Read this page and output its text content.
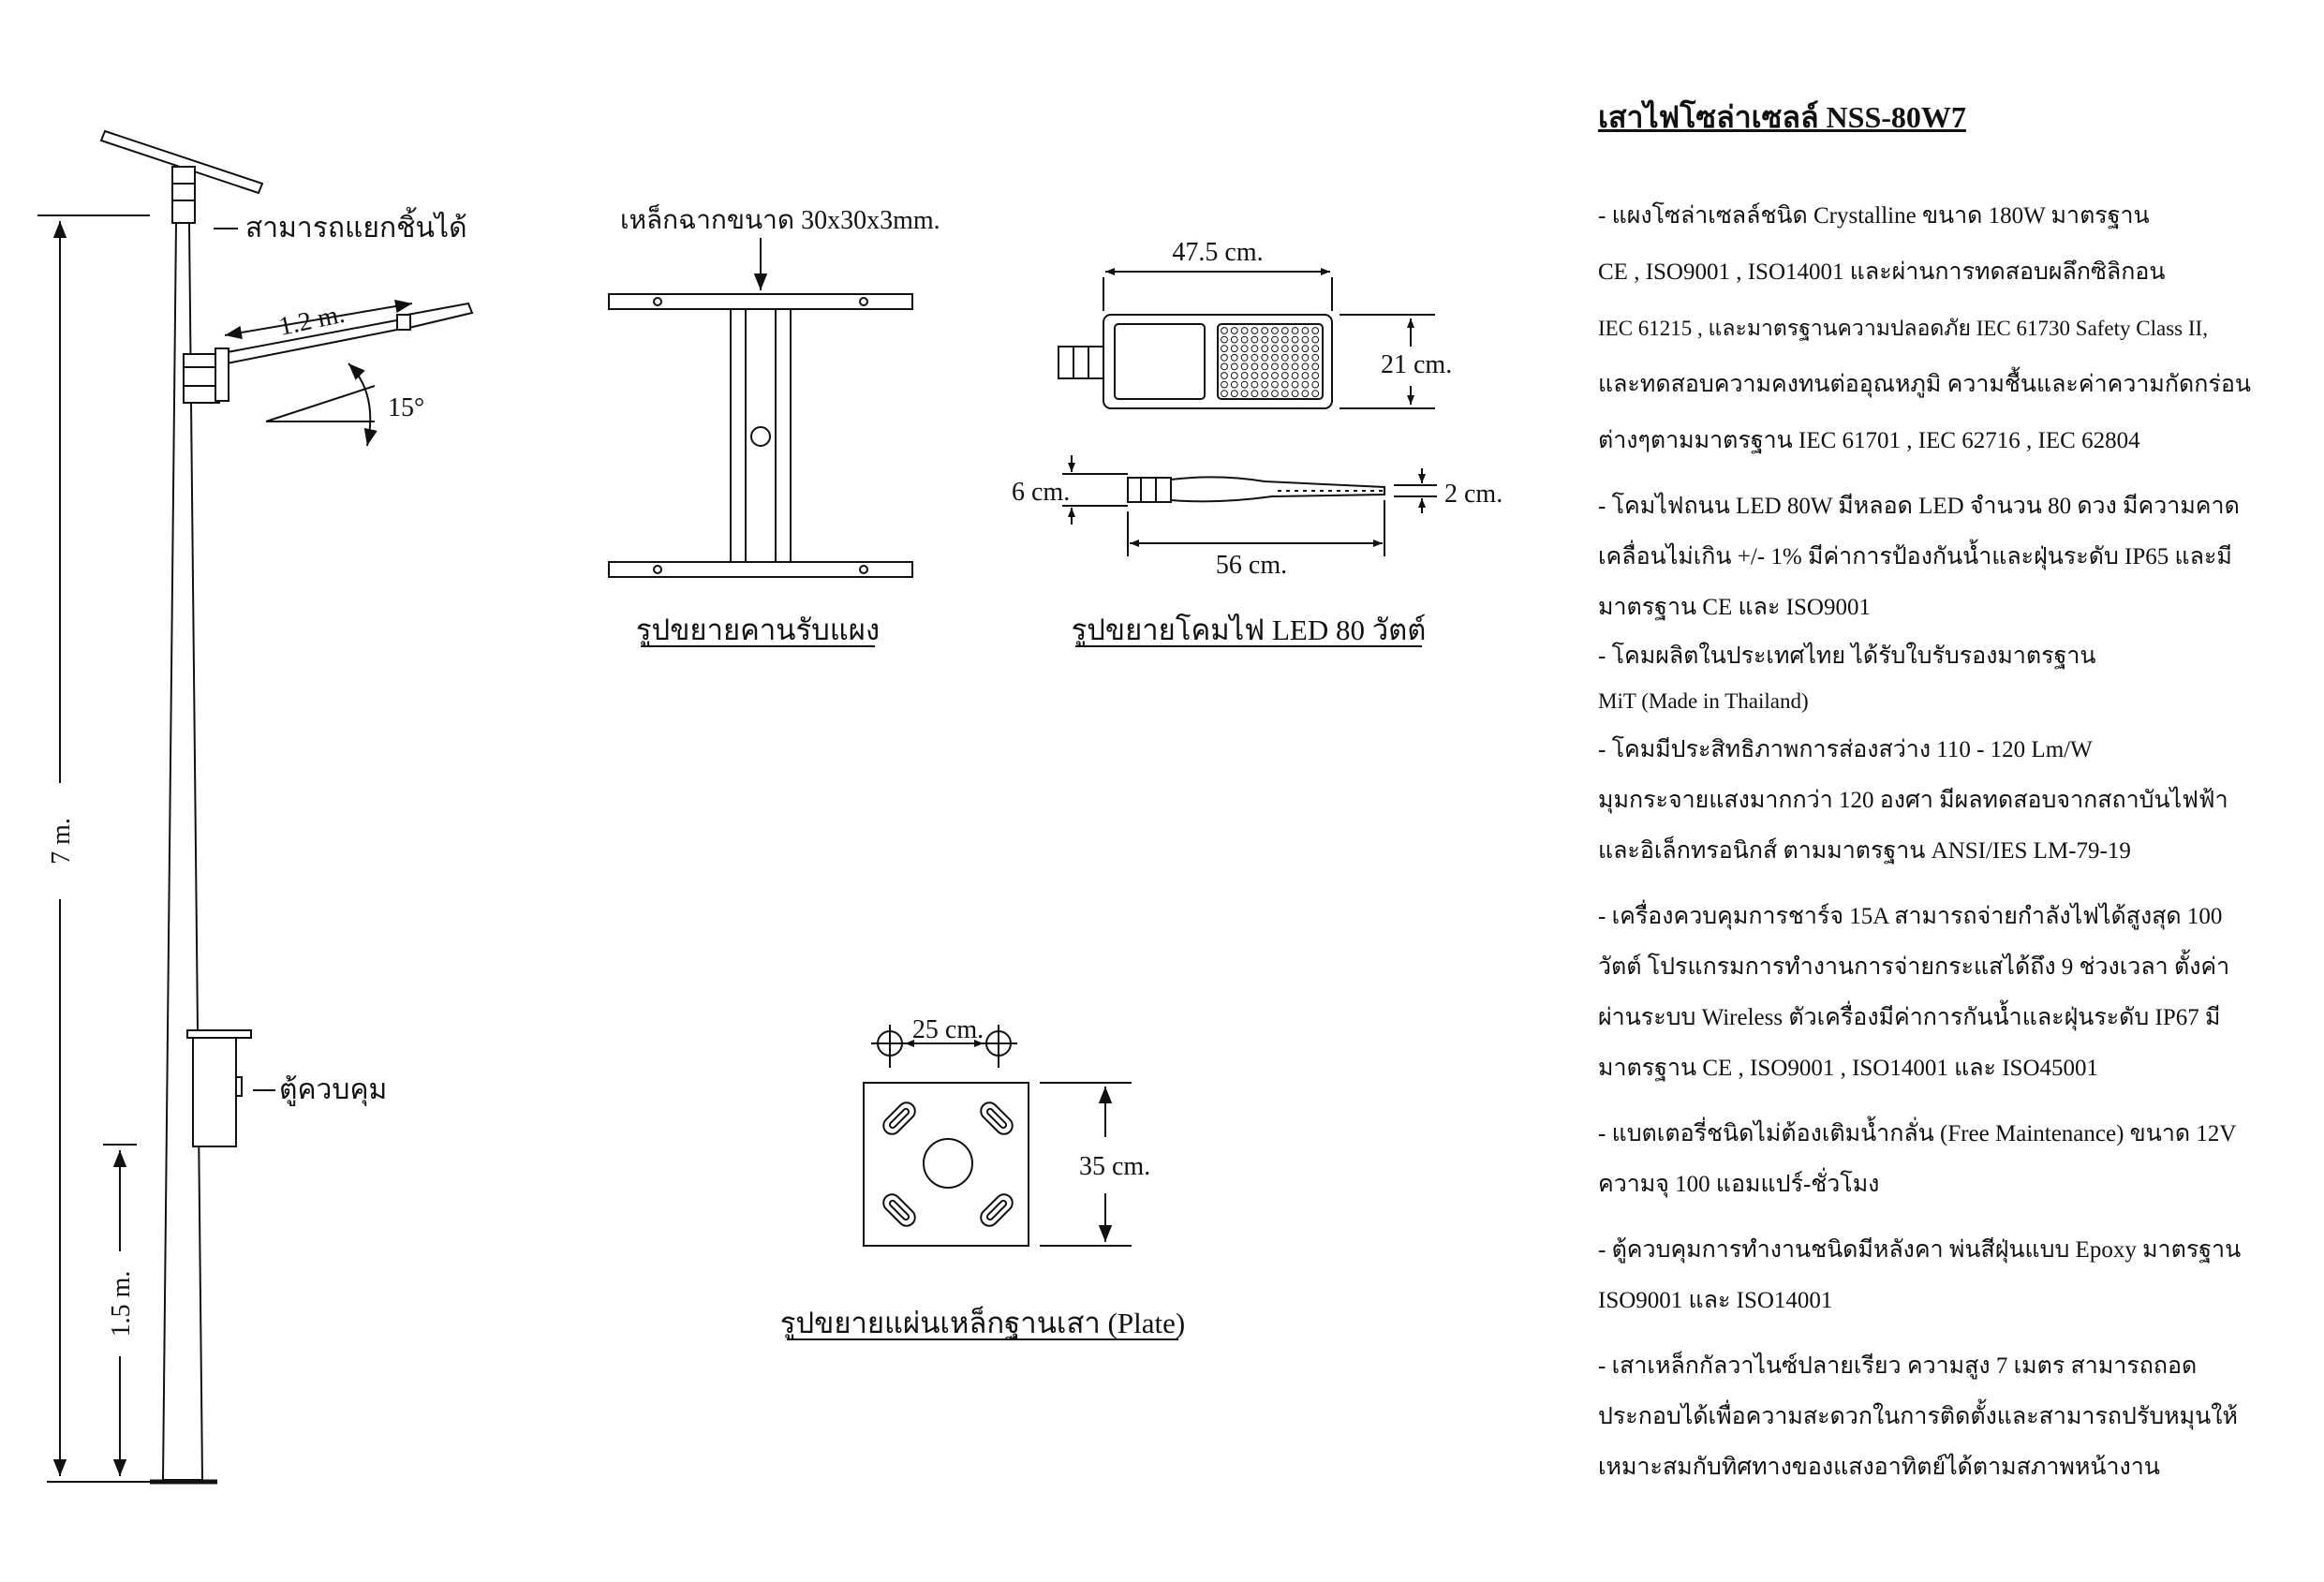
สามารถแยกชิ้นได้
1.2 m.
15°
7 m.
1.5 m.
ตู้ควบคุม
เหล็กฉากขนาด 30x30x3mm.
รูปขยายคานรับแผง
47.5 cm.
21 cm.
6 cm.	2 cm.
56 cm.
รูปขยายโคมไฟ LED 80 วัตต์
25 cm.
35 cm.
รูปขยายแผ่นเหล็กฐานเสา (Plate)
เสาไฟโซล่าเซลล์ NSS-80W7
- แผงโซล่าเซลล์ชนิด Crystalline ขนาด 180W มาตรฐาน
CE , ISO9001 , ISO14001 และผ่านการทดสอบผลึกซิลิกอน
IEC 61215 , และมาตรฐานความปลอดภัย IEC 61730 Safety Class II,
และทดสอบความคงทนต่ออุณหภูมิ ความชื้นและค่าความกัดกร่อน
ต่างๆตามมาตรฐาน IEC 61701 , IEC 62716 , IEC 62804
- โคมไฟถนน LED 80W มีหลอด LED จำนวน 80 ดวง มีความคาด
เคลื่อนไม่เกิน +/- 1% มีค่าการป้องกันน้ำและฝุ่นระดับ IP65 และมี
มาตรฐาน CE และ ISO9001
- โคมผลิตในประเทศไทย ได้รับใบรับรองมาตรฐาน
MiT (Made in Thailand)
- โคมมีประสิทธิภาพการส่องสว่าง 110 - 120 Lm/W
มุมกระจายแสงมากกว่า 120 องศา มีผลทดสอบจากสถาบันไฟฟ้า
และอิเล็กทรอนิกส์ ตามมาตรฐาน ANSI/IES LM-79-19
- เครื่องควบคุมการชาร์จ 15A สามารถจ่ายกำลังไฟได้สูงสุด 100
วัตต์ โปรแกรมการทำงานการจ่ายกระแสได้ถึง 9 ช่วงเวลา ตั้งค่า
ผ่านระบบ Wireless ตัวเครื่องมีค่าการกันน้ำและฝุ่นระดับ IP67 มี
มาตรฐาน CE , ISO9001 , ISO14001 และ ISO45001
- แบตเตอรี่ชนิดไม่ต้องเติมน้ำกลั่น (Free Maintenance) ขนาด 12V
ความจุ 100 แอมแปร์-ชั่วโมง
- ตู้ควบคุมการทำงานชนิดมีหลังคา พ่นสีฝุ่นแบบ Epoxy มาตรฐาน
ISO9001 และ ISO14001
- เสาเหล็กกัลวาไนซ์ปลายเรียว ความสูง 7 เมตร สามารถถอด
ประกอบได้เพื่อความสะดวกในการติดตั้งและสามารถปรับหมุนให้
เหมาะสมกับทิศทางของแสงอาทิตย์ได้ตามสภาพหน้างาน
